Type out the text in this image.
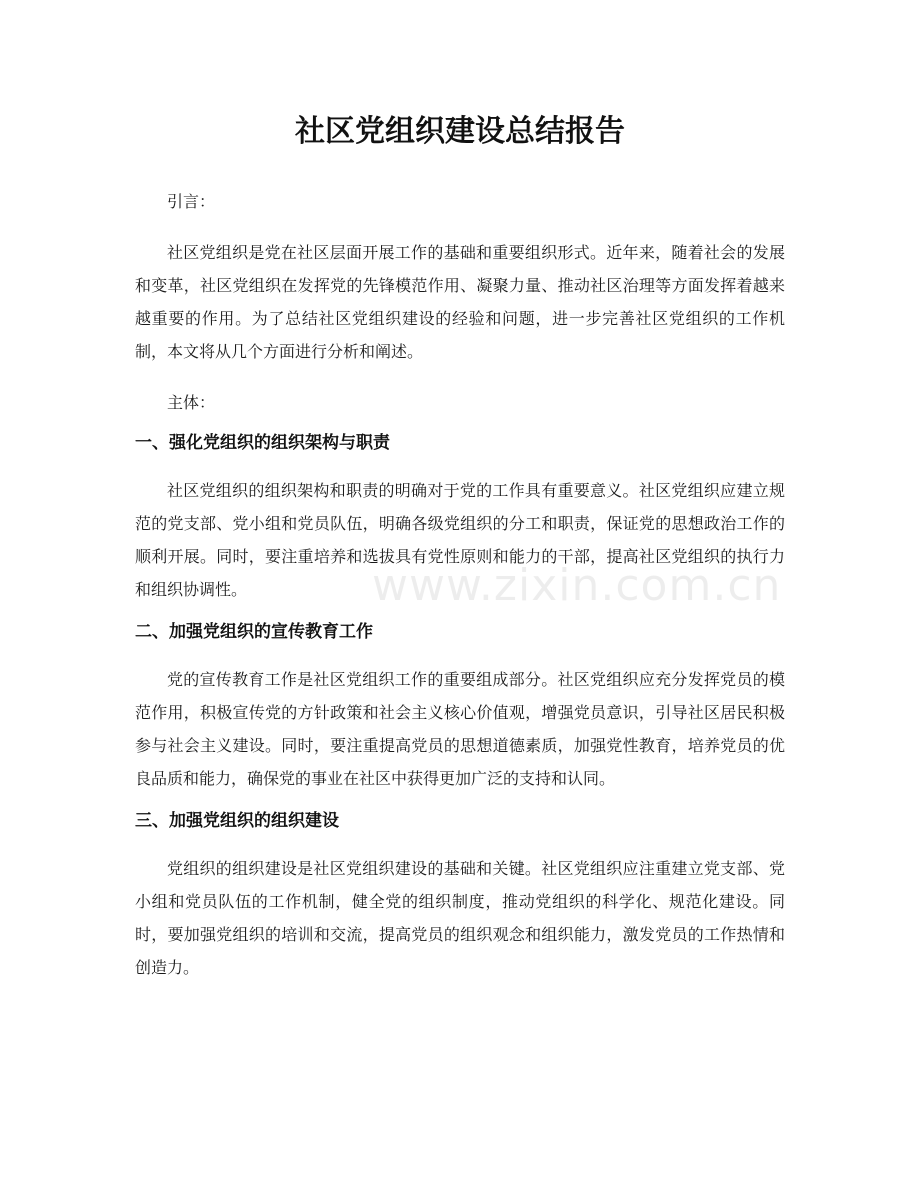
社区党组织建设总结报告

引言：

社区党组织是党在社区层面开展工作的基础和重要组织形式。近年来，随着社会的发展和变革，社区党组织在发挥党的先锋模范作用、凝聚力量、推动社区治理等方面发挥着越来越重要的作用。为了总结社区党组织建设的经验和问题，进一步完善社区党组织的工作机制，本文将从几个方面进行分析和阐述。

主体：

一、强化党组织的组织架构与职责

社区党组织的组织架构和职责的明确对于党的工作具有重要意义。社区党组织应建立规范的党支部、党小组和党员队伍，明确各级党组织的分工和职责，保证党的思想政治工作的顺利开展。同时，要注重培养和选拔具有党性原则和能力的干部，提高社区党组织的执行力和组织协调性。

二、加强党组织的宣传教育工作

党的宣传教育工作是社区党组织工作的重要组成部分。社区党组织应充分发挥党员的模范作用，积极宣传党的方针政策和社会主义核心价值观，增强党员意识，引导社区居民积极参与社会主义建设。同时，要注重提高党员的思想道德素质，加强党性教育，培养党员的优良品质和能力，确保党的事业在社区中获得更加广泛的支持和认同。

三、加强党组织的组织建设

党组织的组织建设是社区党组织建设的基础和关键。社区党组织应注重建立党支部、党小组和党员队伍的工作机制，健全党的组织制度，推动党组织的科学化、规范化建设。同时，要加强党组织的培训和交流，提高党员的组织观念和组织能力，激发党员的工作热情和创造力。

www.zixin.com.cn
